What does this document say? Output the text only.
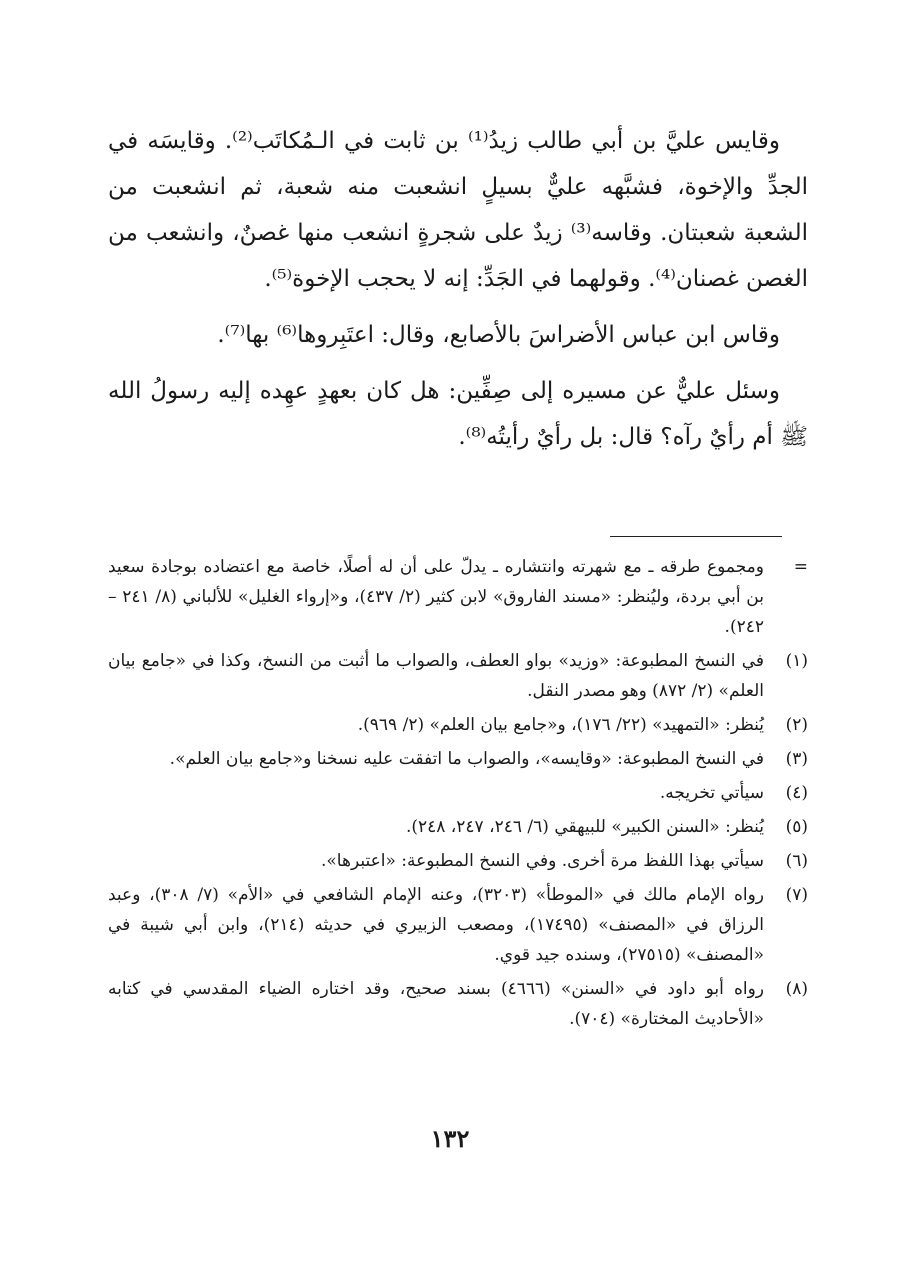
وقايس عليَّ بن أبي طالب زيدُ⁽¹⁾ بن ثابت في الـمُكاتَب⁽²⁾. وقايسَه في الجدِّ والإخوة، فشبَّهه عليٌّ بسيلٍ انشعبت منه شعبة، ثم انشعبت من الشعبة شعبتان. وقاسه⁽³⁾ زيدٌ على شجرةٍ انشعب منها غصنٌ، وانشعب من الغصن غصنان⁽⁴⁾. وقولهما في الجَدِّ: إنه لا يحجب الإخوة⁽⁵⁾.

وقاس ابن عباس الأضراسَ بالأصابع، وقال: اعتَبِروها⁽⁶⁾ بها⁽⁷⁾.

وسئل عليٌّ عن مسيره إلى صِفِّين: هل كان بعهدٍ عهِده إليه رسولُ الله ﷺ أم رأيٌ رآه؟ قال: بل رأيٌ رأيتُه⁽⁸⁾.

=
ومجموع طرقه ـ مع شهرته وانتشاره ـ يدلّ على أن له أصلًا، خاصة مع اعتضاده بوجادة سعيد بن أبي بردة، وليُنظر: «مسند الفاروق» لابن كثير (٢/ ٤٣٧)، و«إرواء الغليل» للألباني (٨/ ٢٤١ – ٢٤٢).
(١)
في النسخ المطبوعة: «وزيد» بواو العطف، والصواب ما أثبت من النسخ، وكذا في «جامع بيان العلم» (٢/ ٨٧٢) وهو مصدر النقل.
(٢)
يُنظر: «التمهيد» (٢٢/ ١٧٦)، و«جامع بيان العلم» (٢/ ٩٦٩).
(٣)
في النسخ المطبوعة: «وقايسه»، والصواب ما اتفقت عليه نسخنا و«جامع بيان العلم».
(٤)
سيأتي تخريجه.
(٥)
يُنظر: «السنن الكبير» للبيهقي (٦/ ٢٤٦، ٢٤٧، ٢٤٨).
(٦)
سيأتي بهذا اللفظ مرة أخرى. وفي النسخ المطبوعة: «اعتبرها».
(٧)
رواه الإمام مالك في «الموطأ» (٣٢٠٣)، وعنه الإمام الشافعي في «الأم» (٧/ ٣٠٨)، وعبد الرزاق في «المصنف» (١٧٤٩٥)، ومصعب الزبيري في حديثه (٢١٤)، وابن أبي شيبة في «المصنف» (٢٧٥١٥)، وسنده جيد قوي.
(٨)
رواه أبو داود في «السنن» (٤٦٦٦) بسند صحيح، وقد اختاره الضياء المقدسي في كتابه «الأحاديث المختارة» (٧٠٤).
١٣٢
